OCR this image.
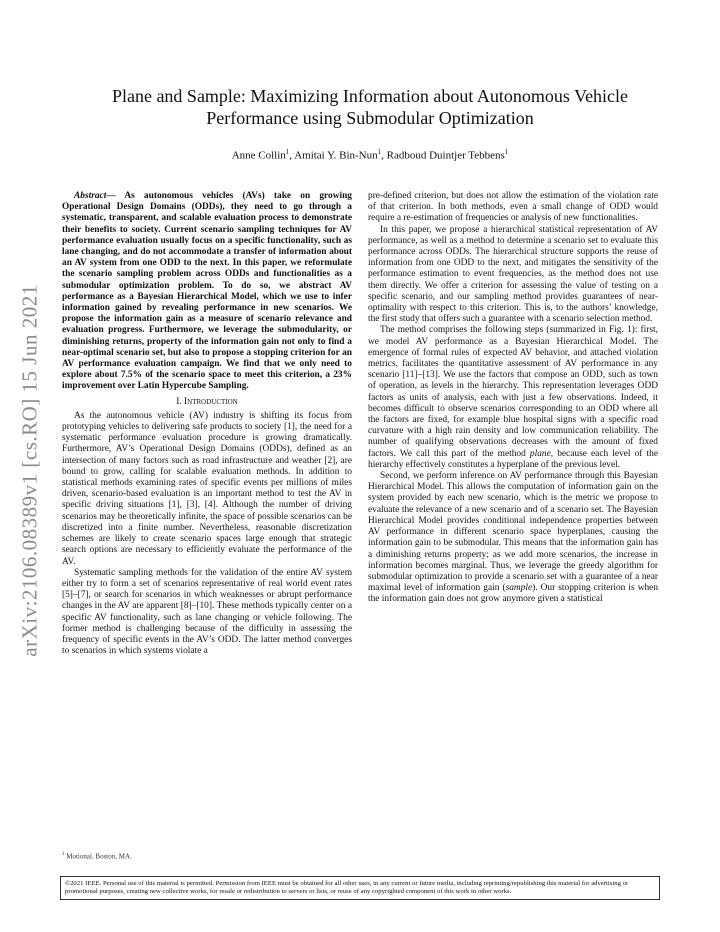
arXiv:2106.08389v1 [cs.RO] 15 Jun 2021
Plane and Sample: Maximizing Information about Autonomous Vehicle Performance using Submodular Optimization
Anne Collin$^1$, Amitai Y. Bin-Nun$^1$, Radboud Duintjer Tebbens$^1$

Abstract— As autonomous vehicles (AVs) take on growing Operational Design Domains (ODDs), they need to go through a systematic, transparent, and scalable evaluation process to demonstrate their benefits to society. Current scenario sampling techniques for AV performance evaluation usually focus on a specific functionality, such as lane changing, and do not accommodate a transfer of information about an AV system from one ODD to the next. In this paper, we reformulate the scenario sampling problem across ODDs and functionalities as a submodular optimization problem. To do so, we abstract AV performance as a Bayesian Hierarchical Model, which we use to infer information gained by revealing performance in new scenarios. We propose the information gain as a measure of scenario relevance and evaluation progress. Furthermore, we leverage the submodularity, or diminishing returns, property of the information gain not only to find a near-optimal scenario set, but also to propose a stopping criterion for an AV performance evaluation campaign. We find that we only need to explore about 7.5% of the scenario space to meet this criterion, a 23% improvement over Latin Hypercube Sampling.

I. Introduction

As the autonomous vehicle (AV) industry is shifting its focus from prototyping vehicles to delivering safe products to society [1], the need for a systematic performance evaluation procedure is growing dramatically. Furthermore, AV’s Operational Design Domains (ODDs), defined as an intersection of many factors such as road infrastructure and weather [2], are bound to grow, calling for scalable evaluation methods. In addition to statistical methods examining rates of specific events per millions of miles driven, scenario-based evaluation is an important method to test the AV in specific driving situations [1], [3], [4]. Although the number of driving scenarios may be theoretically infinite, the space of possible scenarios can be discretized into a finite number. Nevertheless, reasonable discretization schemes are likely to create scenario spaces large enough that strategic search options are necessary to efficiently evaluate the performance of the AV.

Systematic sampling methods for the validation of the entire AV system either try to form a set of scenarios representative of real world event rates [5]–[7], or search for scenarios in which weaknesses or abrupt performance changes in the AV are apparent [8]–[10]. These methods typically center on a specific AV functionality, such as lane changing or vehicle following. The former method is challenging because of the difficulty in assessing the frequency of specific events in the AV’s ODD. The latter method converges to scenarios in which systems violate a

pre-defined criterion, but does not allow the estimation of the violation rate of that criterion. In both methods, even a small change of ODD would require a re-estimation of frequencies or analysis of new functionalities.

In this paper, we propose a hierarchical statistical representation of AV performance, as well as a method to determine a scenario set to evaluate this performance across ODDs. The hierarchical structure supports the reuse of information from one ODD to the next, and mitigates the sensitivity of the performance estimation to event frequencies, as the method does not use them directly. We offer a criterion for assessing the value of testing on a specific scenario, and our sampling method provides guarantees of near-optimality with respect to this criterion. This is, to the authors’ knowledge, the first study that offers such a guarantee with a scenario selection method.

The method comprises the following steps (summarized in Fig. 1): first, we model AV performance as a Bayesian Hierarchical Model. The emergence of formal rules of expected AV behavior, and attached violation metrics, facilitates the quantitative assessment of AV performance in any scenario [11]–[13]. We use the factors that compose an ODD, such as town of operation, as levels in the hierarchy. This representation leverages ODD factors as units of analysis, each with just a few observations. Indeed, it becomes difficult to observe scenarios corresponding to an ODD where all the factors are fixed, for example blue hospital signs with a specific road curvature with a high rain density and low communication reliability. The number of qualifying observations decreases with the amount of fixed factors. We call this part of the method plane, because each level of the hierarchy effectively constitutes a hyperplane of the previous level.

Second, we perform inference on AV performance through this Bayesian Hierarchical Model. This allows the computation of information gain on the system provided by each new scenario, which is the metric we propose to evaluate the relevance of a new scenario and of a scenario set. The Bayesian Hierarchical Model provides conditional independence properties between AV performance in different scenario space hyperplanes, causing the information gain to be submodular. This means that the information gain has a diminishing returns property; as we add more scenarios, the increase in information becomes marginal. Thus, we leverage the greedy algorithm for submodular optimization to provide a scenario set with a guarantee of a near maximal level of information gain (sample). Our stopping criterion is when the information gain does not grow anymore given a statistical

$^1$ Motional. Boston, MA.
©2021 IEEE. Personal use of this material is permitted. Permission from IEEE must be obtained for all other uses, in any current or future media, including reprinting/republishing this material for advertising or promotional purposes, creating new collective works, for resale or redistribution to servers or lists, or reuse of any copyrighted component of this work in other works.
